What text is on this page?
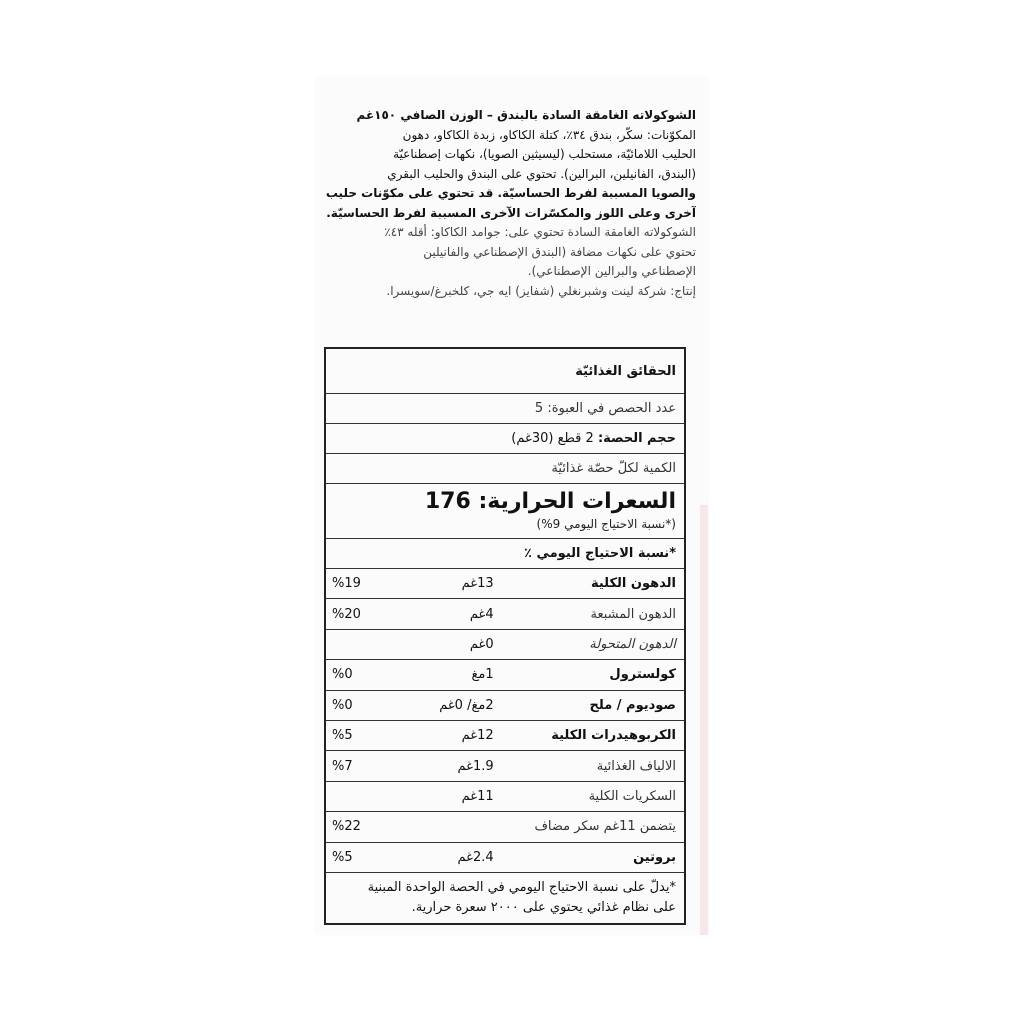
الشوكولاته الغامقة السادة بالبندق – الوزن الصافي ١٥٠غم
المكوّنات: سكّر، بندق ٣٤٪، كتلة الكاكاو، زبدة الكاكاو، دهون
الحليب اللامائيّة، مستحلب (ليسيثين الصويا)، نكهات إصطناعيّة
(البندق، الفانيلين، البرالين). تحتوي على البندق والحليب البقري
والصويا المسببة لفرط الحساسيّة. قد تحتوي على مكوّنات حليب
آخرى وعلى اللوز والمكسّرات الآخرى المسببة لفرط الحساسيّة.
الشوكولاته الغامقة السادة تحتوي على: جوامد الكاكاو: أقله ٤٣٪
تحتوي على نكهات مضافة (البندق الإصطناعي والفانيلين
الإصطناعي والبرالين الإصطناعي).
إنتاج: شركة لينت وشبرنغلي (شفايز) ايه جي، كلخبرغ/سويسرا.
الحقائق الغذائيّة		
عدد الحصص في العبوة: 5		
حجم الحصة: 2 قطع (30غم)		
الكمية لكلّ حصّة غذائيّة		

السعرات الحرارية: 176
(*نسبة الاحتياج اليومي 9%)		

*نسبة الاحتياج اليومي ٪		
الدهون الكلية	13غم	%19
الدهون المشبعة	4غم	%20
الدهون المتحولة	0غم	
كولسترول	1مغ	%0
صوديوم / ملح	2مغ/ 0غم	%0
الكربوهيدرات الكلية	12غم	%5
الالياف الغذائية	1.9غم	%7
السكريات الكلية	11غم	
يتضمن 11غم سكر مضاف		%22
بروتين	2.4غم	%5
*يدلّ على نسبة الاحتياج اليومي في الحصة الواحدة المبنية
على نظام غذائي يحتوي على ٢٠٠٠ سعرة حرارية.		
